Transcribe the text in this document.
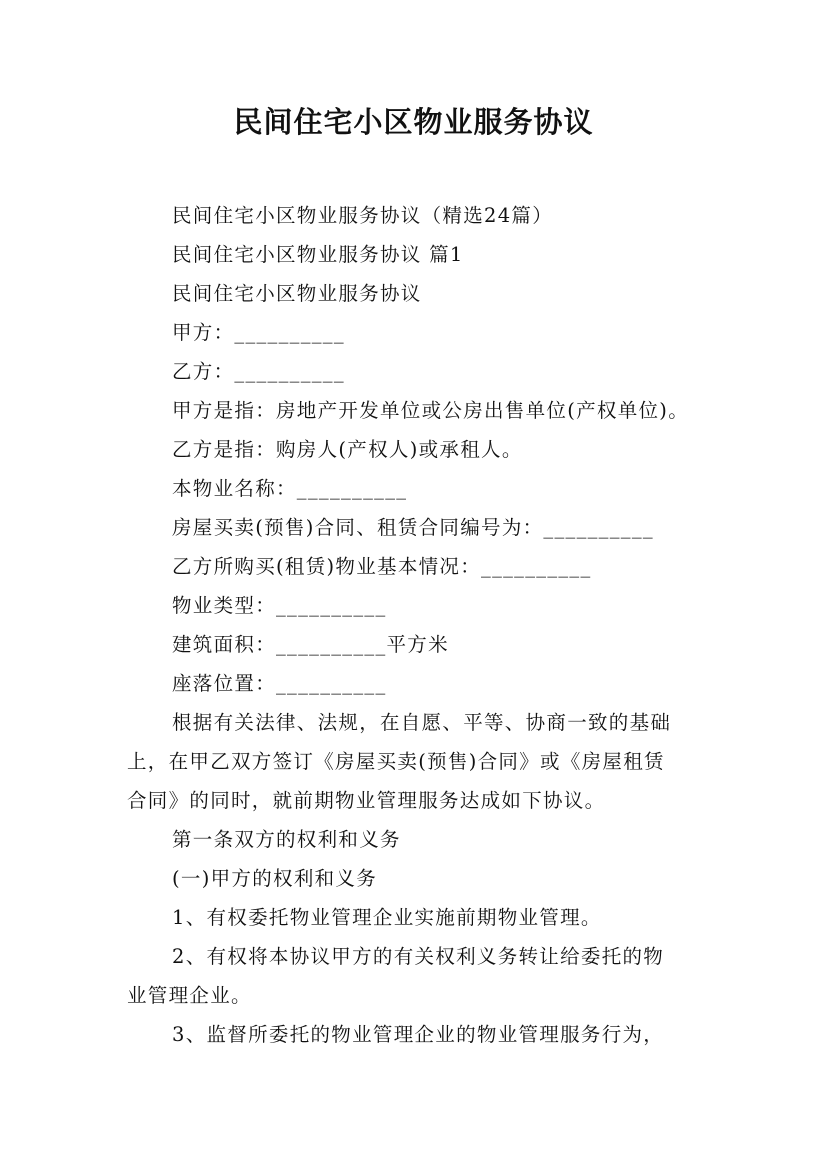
民间住宅小区物业服务协议
民间住宅小区物业服务协议（精选24篇）
民间住宅小区物业服务协议 篇1
民间住宅小区物业服务协议
甲方：__________
乙方：__________
甲方是指：房地产开发单位或公房出售单位(产权单位)。
乙方是指：购房人(产权人)或承租人。
本物业名称：__________
房屋买卖(预售)合同、租赁合同编号为：__________
乙方所购买(租赁)物业基本情况：__________
物业类型：__________
建筑面积：__________平方米
座落位置：__________
根据有关法律、法规，在自愿、平等、协商一致的基础
上，在甲乙双方签订《房屋买卖(预售)合同》或《房屋租赁
合同》的同时，就前期物业管理服务达成如下协议。
第一条双方的权利和义务
(一)甲方的权利和义务
1、有权委托物业管理企业实施前期物业管理。
2、有权将本协议甲方的有关权利义务转让给委托的物
业管理企业。
3、监督所委托的物业管理企业的物业管理服务行为，
